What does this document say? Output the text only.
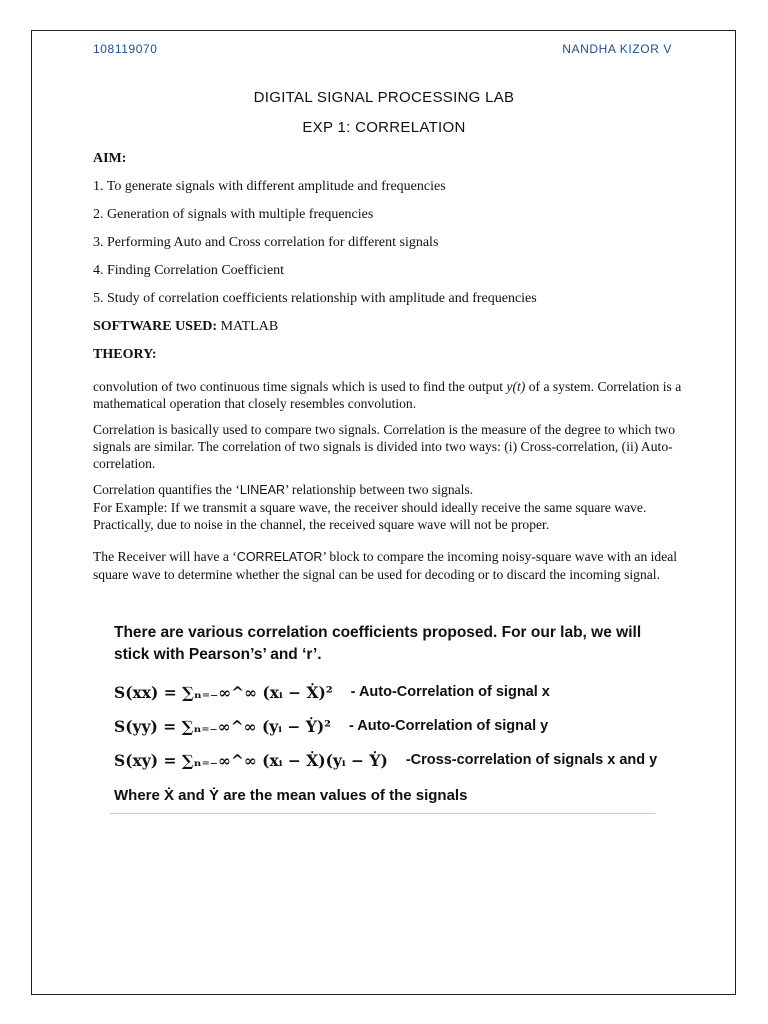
108119070	NANDHA KIZOR V
DIGITAL SIGNAL PROCESSING LAB
EXP 1: CORRELATION

AIM:

1. To generate signals with different amplitude and frequencies

2. Generation of signals with multiple frequencies

3. Performing Auto and Cross correlation for different signals

4. Finding Correlation Coefficient

5. Study of correlation coefficients relationship with amplitude and frequencies

SOFTWARE USED: MATLAB

THEORY:

convolution of two continuous time signals which is used to find the output y(t) of a system. Correlation is a mathematical operation that closely resembles convolution.

Correlation is basically used to compare two signals. Correlation is the measure of the degree to which two signals are similar. The correlation of two signals is divided into two ways: (i) Cross-correlation, (ii) Auto-correlation.

Correlation quantifies the ‘LINEAR’ relationship between two signals.
For Example: If we transmit a square wave, the receiver should ideally receive the same square wave. Practically, due to noise in the channel, the received square wave will not be proper.

The Receiver will have a ‘CORRELATOR’ block to compare the incoming noisy-square wave with an ideal square wave to determine whether the signal can be used for decoding or to discard the incoming signal.

There are various correlation coefficients proposed. For our lab, we will stick with Pearson’s’ and ‘r’.

S(xx) = ∑ₙ₌₋∞^∞ (xᵢ − Ẋ)² - Auto-Correlation of signal x
S(yy) = ∑ₙ₌₋∞^∞ (yᵢ − Ẏ)² - Auto-Correlation of signal y
S(xy) = ∑ₙ₌₋∞^∞ (xᵢ − Ẋ)(yᵢ − Ẏ) -Cross-correlation of signals x and y

Where Ẋ and Ẏ are the mean values of the signals
